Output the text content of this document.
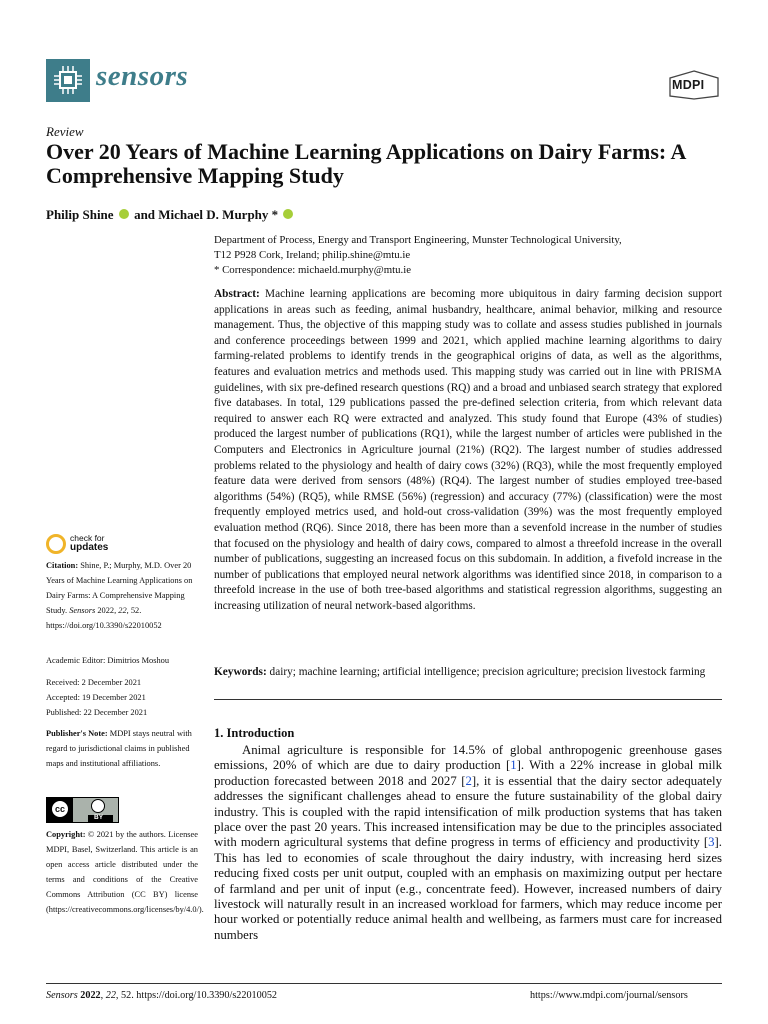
sensors	MDPI
Review
Over 20 Years of Machine Learning Applications on Dairy Farms: A Comprehensive Mapping Study
Philip Shine  and Michael D. Murphy *
Department of Process, Energy and Transport Engineering, Munster Technological University,
T12 P928 Cork, Ireland; philip.shine@mtu.ie
* Correspondence: michaeld.murphy@mtu.ie
Abstract: Machine learning applications are becoming more ubiquitous in dairy farming decision support applications in areas such as feeding, animal husbandry, healthcare, animal behavior, milking and resource management. Thus, the objective of this mapping study was to collate and assess studies published in journals and conference proceedings between 1999 and 2021, which applied machine learning algorithms to dairy farming-related problems to identify trends in the geographical origins of data, as well as the algorithms, features and evaluation metrics and methods used. This mapping study was carried out in line with PRISMA guidelines, with six pre-defined research questions (RQ) and a broad and unbiased search strategy that explored five databases. In total, 129 publications passed the pre-defined selection criteria, from which relevant data required to answer each RQ were extracted and analyzed. This study found that Europe (43% of studies) produced the largest number of publications (RQ1), while the largest number of articles were published in the Computers and Electronics in Agriculture journal (21%) (RQ2). The largest number of studies addressed problems related to the physiology and health of dairy cows (32%) (RQ3), while the most frequently employed feature data were derived from sensors (48%) (RQ4). The largest number of studies employed tree-based algorithms (54%) (RQ5), while RMSE (56%) (regression) and accuracy (77%) (classification) were the most frequently employed metrics used, and hold-out cross-validation (39%) was the most frequently employed evaluation method (RQ6). Since 2018, there has been more than a sevenfold increase in the number of studies that focused on the physiology and health of dairy cows, compared to almost a threefold increase in the overall number of publications, suggesting an increased focus on this subdomain. In addition, a fivefold increase in the number of publications that employed neural network algorithms was identified since 2018, in comparison to a threefold increase in the use of both tree-based algorithms and statistical regression algorithms, suggesting an increasing utilization of neural network-based algorithms.
Keywords: dairy; machine learning; artificial intelligence; precision agriculture; precision livestock farming
check for
updates
Citation: Shine, P.; Murphy, M.D. Over 20 Years of Machine Learning Applications on Dairy Farms: A Comprehensive Mapping Study. Sensors 2022, 22, 52. https://doi.org/10.3390/s22010052
Academic Editor: Dimitrios Moshou
Received: 2 December 2021
Accepted: 19 December 2021
Published: 22 December 2021
Publisher's Note: MDPI stays neutral with regard to jurisdictional claims in published maps and institutional affiliations.
cc
BY
Copyright: © 2021 by the authors. Licensee MDPI, Basel, Switzerland. This article is an open access article distributed under the terms and conditions of the Creative Commons Attribution (CC BY) license (https://creativecommons.org/licenses/by/4.0/).
1. Introduction

Animal agriculture is responsible for 14.5% of global anthropogenic greenhouse gases emissions, 20% of which are due to dairy production [1]. With a 22% increase in global milk production forecasted between 2018 and 2027 [2], it is essential that the dairy sector adequately addresses the significant challenges ahead to ensure the future sustainability of the global dairy industry. This is coupled with the rapid intensification of milk production systems that has taken place over the past 20 years. This increased intensification may be due to the principles associated with modern agricultural systems that define progress in terms of efficiency and productivity [3]. This has led to economies of scale throughout the dairy industry, with increasing herd sizes reducing fixed costs per unit output, coupled with an emphasis on maximizing output per hectare of farmland and per unit of input (e.g., concentrate feed). However, increased numbers of dairy livestock will naturally result in an increased workload for farmers, which may reduce income per hour worked or potentially reduce animal health and wellbeing, as farmers must care for increased numbers

Sensors 2022, 22, 52. https://doi.org/10.3390/s22010052	https://www.mdpi.com/journal/sensors
